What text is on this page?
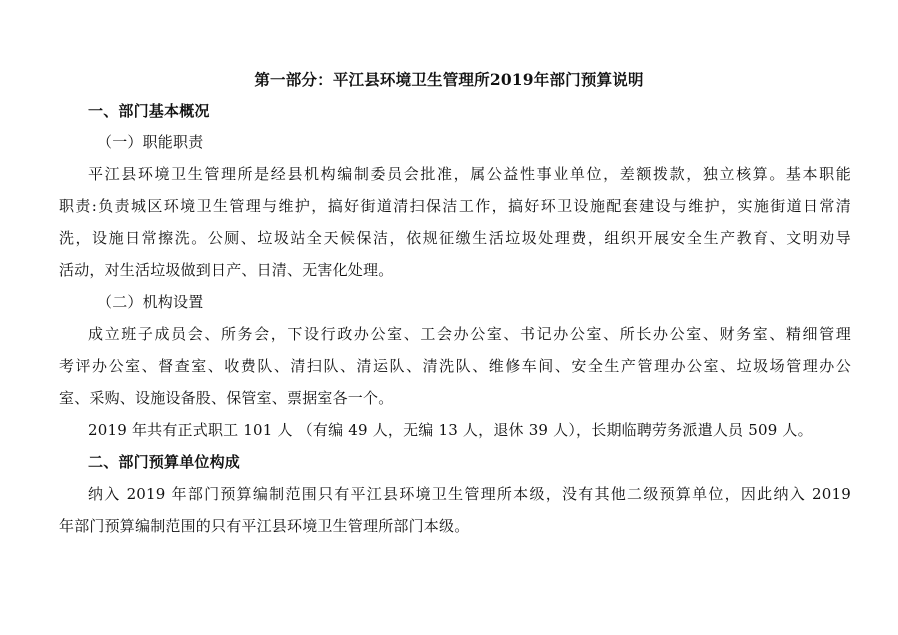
第一部分：平江县环境卫生管理所2019年部门预算说明
一、部门基本概况
（一）职能职责
平江县环境卫生管理所是经县机构编制委员会批准，属公益性事业单位，差额拨款，独立核算。基本职能
职责:负责城区环境卫生管理与维护，搞好街道清扫保洁工作，搞好环卫设施配套建设与维护，实施街道日常清
洗，设施日常擦洗。公厕、垃圾站全天候保洁，依规征缴生活垃圾处理费，组织开展安全生产教育、文明劝导
活动，对生活垃圾做到日产、日清、无害化处理。
（二）机构设置
成立班子成员会、所务会，下设行政办公室、工会办公室、书记办公室、所长办公室、财务室、精细管理
考评办公室、督查室、收费队、清扫队、清运队、清洗队、维修车间、安全生产管理办公室、垃圾场管理办公
室、采购、设施设备股、保管室、票据室各一个。
2019 年共有正式职工 101 人 （有编 49 人，无编 13 人，退休 39 人），长期临聘劳务派遣人员 509 人。
二、部门预算单位构成
纳入 2019 年部门预算编制范围只有平江县环境卫生管理所本级，没有其他二级预算单位，因此纳入 2019
年部门预算编制范围的只有平江县环境卫生管理所部门本级。
